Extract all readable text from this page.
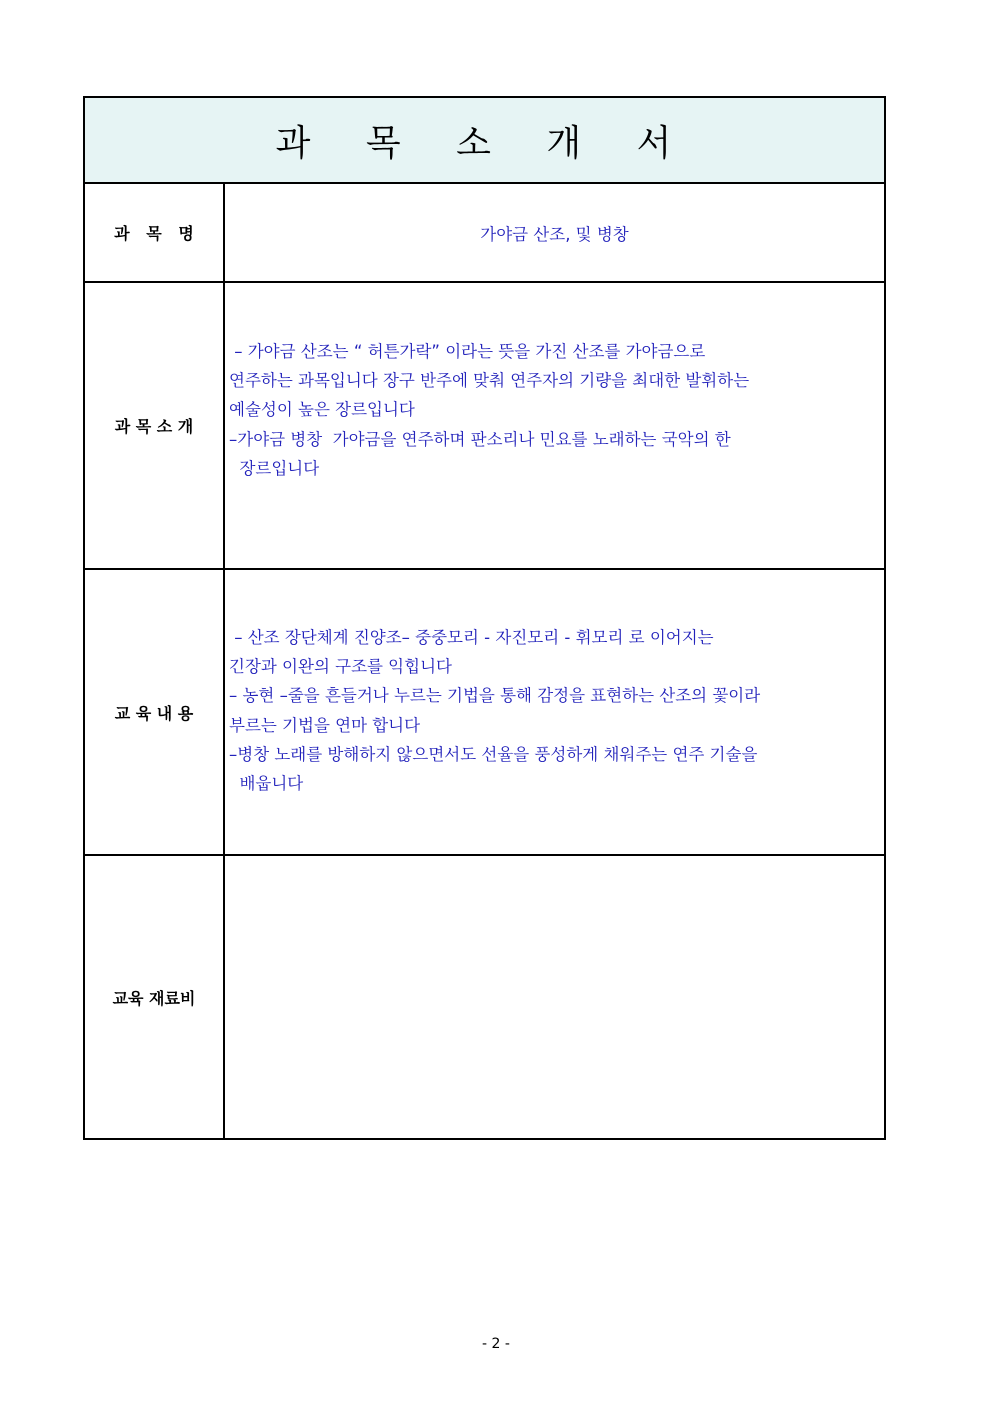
과 목 소 개 서
과   목   명	가야금 산조, 및 병창
과 목 소 개
– 가야금 산조는 “ 허튼가락” 이라는 뜻을 가진 산조를 가야금으로
연주하는 과목입니다 장구 반주에 맞춰 연주자의 기량을 최대한 발휘하는
예술성이 높은 장르입니다
–가야금 병창  가야금을 연주하며 판소리나 민요를 노래하는 국악의 한
장르입니다
교 육 내 용
– 산조 장단체계 진양조– 중중모리 - 자진모리 - 휘모리 로 이어지는
긴장과 이완의 구조를 익힙니다
– 농현 –줄을 흔들거나 누르는 기법을 통해 감정을 표현하는 산조의 꽃이라
부르는 기법을 연마 합니다
–병창 노래를 방해하지 않으면서도 선율을 풍성하게 채워주는 연주 기술을
배웁니다
교육 재료비
- 2 -
